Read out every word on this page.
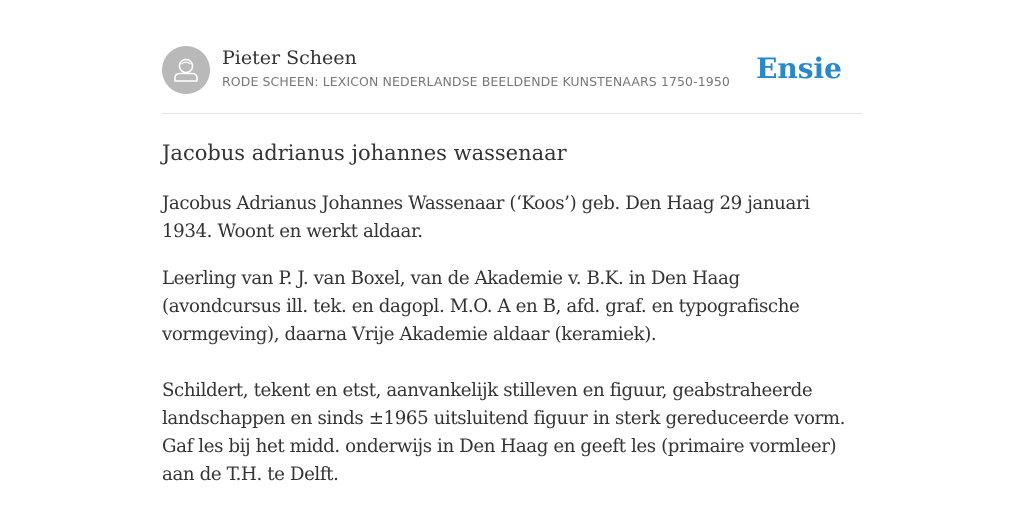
Pieter Scheen
RODE SCHEEN: LEXICON NEDERLANDSE BEELDENDE KUNSTENAARS 1750-1950 Ensie
Jacobus adrianus johannes wassenaar

Jacobus Adrianus Johannes Wassenaar (‘Koos’) geb. Den Haag 29 januari 1934. Woont en werkt aldaar.

Leerling van P. J. van Boxel, van de Akademie v. B.K. in Den Haag (avondcursus ill. tek. en dagopl. M.O. A en B, afd. graf. en typografische vormgeving), daarna Vrije Akademie aldaar (keramiek).

Schildert, tekent en etst, aanvankelijk stilleven en figuur, geabstraheerde landschappen en sinds ±1965 uitsluitend figuur in sterk gereduceerde vorm. Gaf les bij het midd. onderwijs in Den Haag en geeft les (primaire vormleer) aan de T.H. te Delft.
